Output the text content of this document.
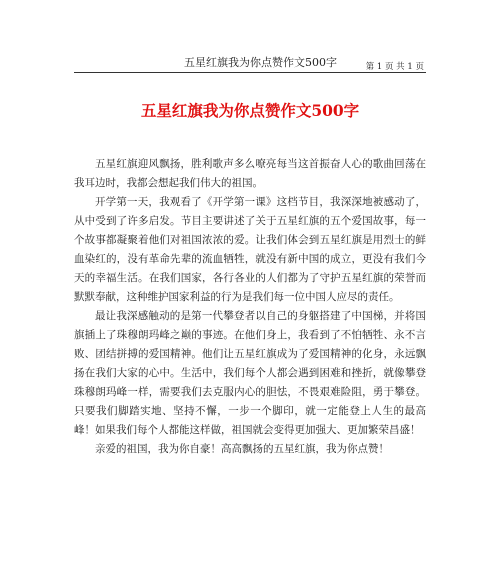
五星红旗我为你点赞作文500字	第 1 页 共 1 页
五星红旗我为你点赞作文500字

五星红旗迎风飘扬，胜利歌声多么嘹亮每当这首振奋人心的歌曲回荡在我耳边时，我都会想起我们伟大的祖国。

开学第一天，我观看了《开学第一课》这档节目，我深深地被感动了，从中受到了许多启发。节目主要讲述了关于五星红旗的五个爱国故事，每一个故事都凝聚着他们对祖国浓浓的爱。让我们体会到五星红旗是用烈士的鲜血染红的，没有革命先辈的流血牺牲，就没有新中国的成立，更没有我们今天的幸福生活。在我们国家，各行各业的人们都为了守护五星红旗的荣誉而默默奉献，这种维护国家利益的行为是我们每一位中国人应尽的责任。

最让我深感触动的是第一代攀登者以自己的身躯搭建了中国梯，并将国旗插上了珠穆朗玛峰之巅的事迹。在他们身上，我看到了不怕牺牲、永不言败、团结拼搏的爱国精神。他们让五星红旗成为了爱国精神的化身，永远飘扬在我们大家的心中。生活中，我们每个人都会遇到困难和挫折，就像攀登珠穆朗玛峰一样，需要我们去克服内心的胆怯，不畏艰难险阻，勇于攀登。只要我们脚踏实地、坚持不懈，一步一个脚印，就一定能登上人生的最高峰！如果我们每个人都能这样做，祖国就会变得更加强大、更加繁荣昌盛！

亲爱的祖国，我为你自豪！高高飘扬的五星红旗，我为你点赞！
